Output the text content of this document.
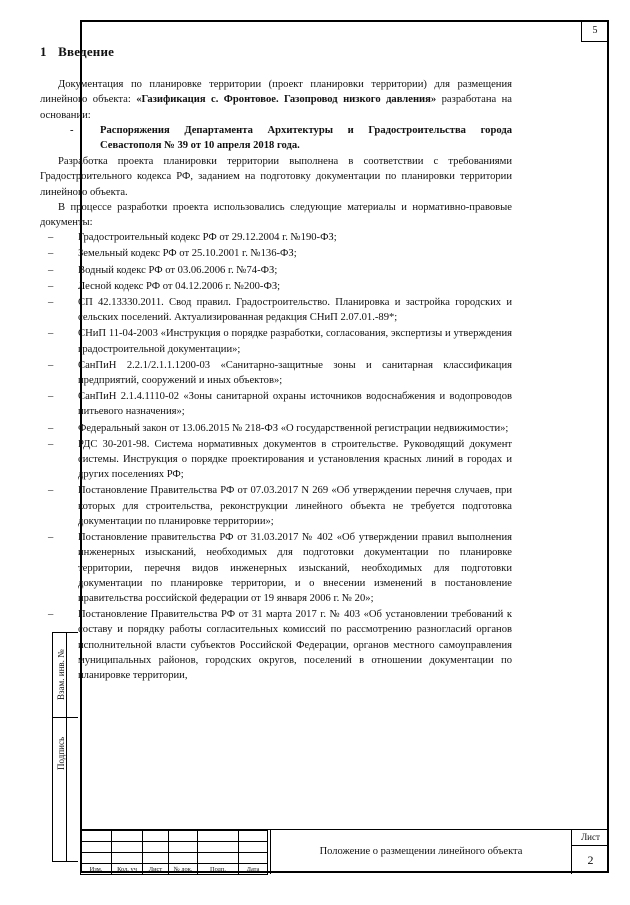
5
1 Введение

Документация по планировке территории (проект планировки территории) для размещения линейного объекта: «Газификация с. Фронтовое. Газопровод низкого давления» разработана на основании:

- Распоряжения Департамента Архитектуры и Градостроительства города Севастополя № 39 от 10 апреля 2018 года.

Разработка проекта планировки территории выполнена в соответствии с требованиями Градостроительного кодекса РФ, заданием на подготовку документации по планировки территории линейного объекта.

В процессе разработки проекта использовались следующие материалы и нормативно-правовые документы:

– Градостроительный кодекс РФ от 29.12.2004 г. №190-ФЗ;
– Земельный кодекс РФ от 25.10.2001 г. №136-ФЗ;
– Водный кодекс РФ от 03.06.2006 г. №74-ФЗ;
– Лесной кодекс РФ от 04.12.2006 г. №200-ФЗ;
– СП 42.13330.2011. Свод правил. Градостроительство. Планировка и застройка городских и сельских поселений. Актуализированная редакция СНиП 2.07.01.-89*;
– СНиП 11-04-2003 «Инструкция о порядке разработки, согласования, экспертизы и утверждения градостроительной документации»;
– СанПиН 2.2.1/2.1.1.1200-03 «Санитарно-защитные зоны и санитарная классификация предприятий, сооружений и иных объектов»;
– СанПиН 2.1.4.1110-02 «Зоны санитарной охраны источников водоснабжения и водопроводов питьевого назначения»;
– Федеральный закон от 13.06.2015 № 218-ФЗ «О государственной регистрации недвижимости»;
– РДС 30-201-98. Система нормативных документов в строительстве. Руководящий документ системы. Инструкция о порядке проектирования и установления красных линий в городах и других поселениях РФ;
– Постановление Правительства РФ от 07.03.2017 N 269 «Об утверждении перечня случаев, при которых для строительства, реконструкции линейного объекта не требуется подготовка документации по планировке территории»;
– Постановление правительства РФ от 31.03.2017 № 402 «Об утверждении правил выполнения инженерных изысканий, необходимых для подготовки документации по планировке территории, перечня видов инженерных изысканий, необходимых для подготовки документации по планировке территории, и о внесении изменений в постановление правительства российской федерации от 19 января 2006 г. № 20»;
– Постановление Правительства РФ от 31 марта 2017 г. № 403 «Об установлении требований к составу и порядку работы согласительных комиссий по рассмотрению разногласий органов исполнительной власти субъектов Российской Федерации, органов местного самоуправления муниципальных районов, городских округов, поселений в отношении документации по планировке территории,
Взам. инв. №
Подпись

Изм.	Кол. уч	Лист	№ док.	Подп.	Дата
Положение о размещении линейного объекта
Лист
2
